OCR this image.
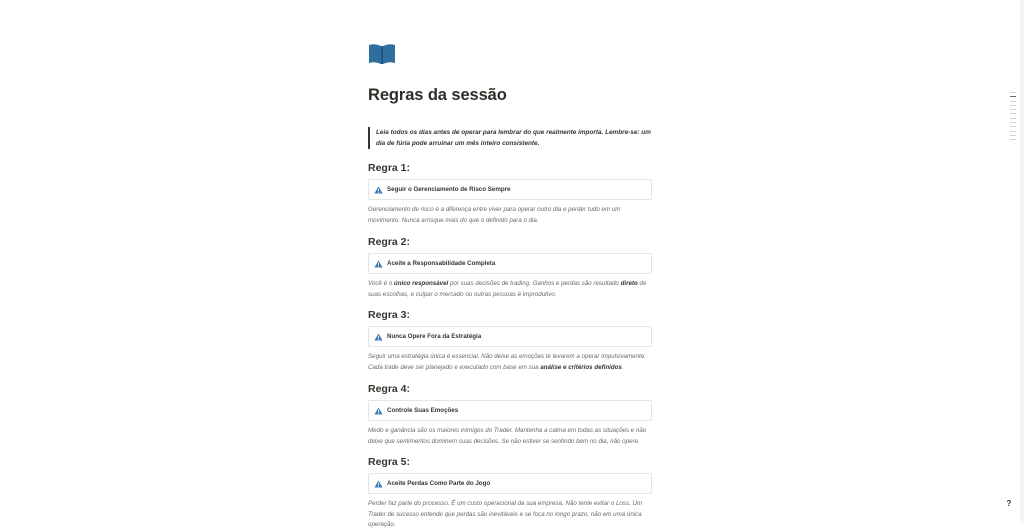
Regras da sessão
Leia todos os dias antes de operar para lembrar do que realmente importa. Lembre-se: um dia de fúria pode arruinar um mês inteiro consistente.
Regra 1:
Seguir o Gerenciamento de Risco Sempre
Gerenciamento de risco é a diferença entre viver para operar outro dia e perder tudo em um movimento. Nunca arrisque mais do que o definido para o dia.
Regra 2:
Aceite a Responsabilidade Completa
Você é o único responsável por suas decisões de trading. Ganhos e perdas são resultado direto de suas escolhas, e culpar o mercado ou outras pessoas é improdutivo.
Regra 3:
Nunca Opere Fora da Estratégia
Seguir uma estratégia única é essencial. Não deixe as emoções te levarem a operar impulsivamente. Cada trade deve ser planejado e executado com base em sua análise e critérios definidos.
Regra 4:
Controle Suas Emoções
Medo e ganância são os maiores inimigos do Trader. Mantenha a calma em todas as situações e não deixe que sentimentos dominem suas decisões. Se não estiver se sentindo bem no dia, não opere.
Regra 5:
Aceite Perdas Como Parte do Jogo
Perder faz parte do processo. É um custo operacional da sua empresa. Não tente evitar o Loss. Um Trader de sucesso entende que perdas são inevitáveis e se foca no longo prazo, não em uma única operação.
?
